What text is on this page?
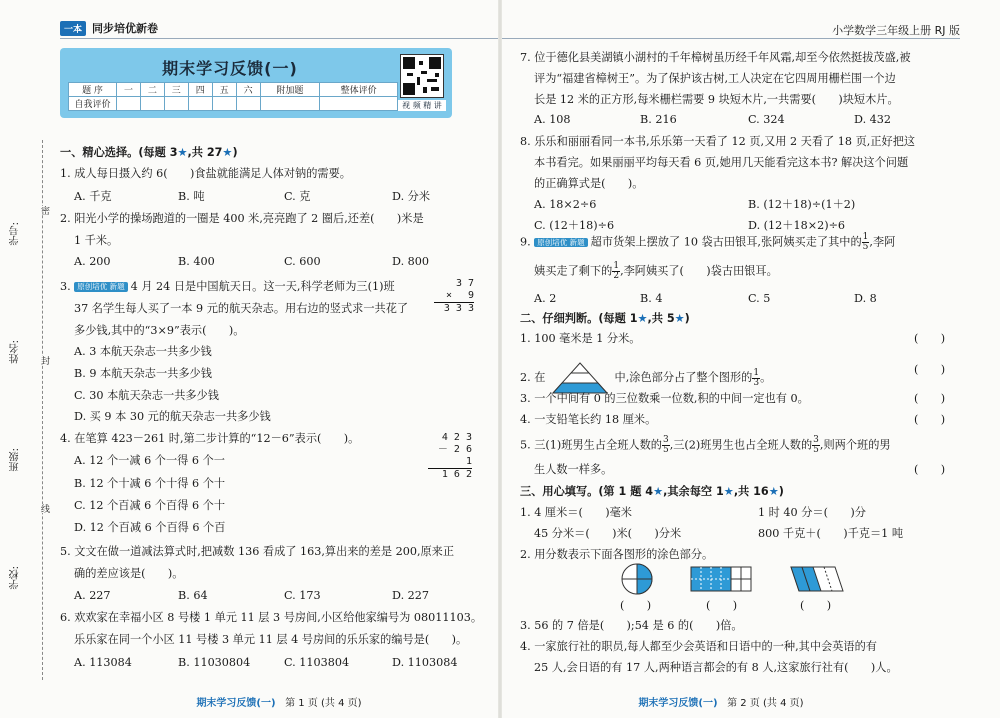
一本 同步培优新卷
期末学习反馈(一)
题 序	一	二	三	四	五	六	附加题	整体评价
自我评价									视 频 精 讲
密
封
线
学号:
姓名:
班级:
学校:
一、精心选择。(每题 3★,共 27★)
1. 成人每日摄入约 6(　　)食盐就能满足人体对钠的需要。
A. 千克	B. 吨	C. 克	D. 分米
2. 阳光小学的操场跑道的一圈是 400 米,亮亮跑了 2 圈后,还差(　　)米是
1 千米。
A. 200	B. 400	C. 600	D. 800
3. 原创培优 新题 4 月 24 日是中国航天日。这一天,科学老师为三(1)班
37 名学生每人买了一本 9 元的航天杂志。用右边的竖式求一共花了
多少钱,其中的“3×9”表示(　　)。
3 7
× 　9
3 3 3
A. 3 本航天杂志一共多少钱
B. 9 本航天杂志一共多少钱
C. 30 本航天杂志一共多少钱
D. 买 9 本 30 元的航天杂志一共多少钱
4. 在笔算 423－261 时,第二步计算的“12－6”表示(　　)。	4 2 3
－ 2 6 1
1 6 2
A. 12 个一减 6 个一得 6 个一
B. 12 个十减 6 个十得 6 个十
C. 12 个百减 6 个百得 6 个十
D. 12 个百减 6 个百得 6 个百
5. 文文在做一道减法算式时,把减数 136 看成了 163,算出来的差是 200,原来正
确的差应该是(　　)。
A. 227	B. 64	C. 173	D. 227
6. 欢欢家在幸福小区 8 号楼 1 单元 11 层 3 号房间,小区给他家编号为 08011103。
乐乐家在同一个小区 11 号楼 3 单元 11 层 4 号房间的乐乐家的编号是(　　)。
A. 113084	B. 11030804	C. 1103804	D. 1103084
期末学习反馈(一) 第 1 页 (共 4 页)
小学数学三年级上册 RJ 版
7. 位于德化县美湖镇小湖村的千年樟树虽历经千年风霜,却至今依然挺拔茂盛,被
评为“福建省樟树王”。为了保护该古树,工人决定在它四周用栅栏围一个边
长是 12 米的正方形,每米栅栏需要 9 块短木片,一共需要(　　)块短木片。
A. 108	B. 216	C. 324	D. 432
8. 乐乐和丽丽看同一本书,乐乐第一天看了 12 页,又用 2 天看了 18 页,正好把这
本书看完。如果丽丽平均每天看 6 页,她用几天能看完这本书? 解决这个问题
的正确算式是(　　)。
A. 18×2÷6	B. (12＋18)÷(1＋2)
C. (12＋18)÷6	D. (12＋18×2)÷6
9. 原创培优 新题 超市货架上摆放了 10 袋古田银耳,张阿姨买走了其中的 $\frac{1}{5}$ ,李阿
姨买走了剩下的 $\frac{1}{2}$ ,李阿姨买了(　　)袋古田银耳。
A. 2	B. 4	C. 5	D. 8
二、仔细判断。(每题 1★,共 5★)
1. 100 毫米是 1 分米。	(　　)
2. 在	中,涂色部分占了整个图形的 $\frac{1}{3}$ 。
(　　)
3. 一个中间有 0 的三位数乘一位数,积的中间一定也有 0。	(　　)
4. 一支铅笔长约 18 厘米。	(　　)
5. 三(1)班男生占全班人数的 $\frac{3}{5}$ ,三(2)班男生也占全班人数的 $\frac{3}{5}$ ,则两个班的男
生人数一样多。	(　　)
三、用心填写。(第 1 题 4★,其余每空 1★,共 16★)
1. 4 厘米＝(　　)毫米	1 时 40 分＝(　　)分
45 分米＝(　　)米(　　)分米	800 千克＋(　　)千克＝1 吨
2. 用分数表示下面各图形的涂色部分。
(　　)	(　　)	(　　)
3. 56 的 7 倍是(　　);54 是 6 的(　　)倍。
4. 一家旅行社的职员,每人都至少会英语和日语中的一种,其中会英语的有
25 人,会日语的有 17 人,两种语言都会的有 8 人,这家旅行社有(　　)人。
期末学习反馈(一) 第 2 页 (共 4 页)
